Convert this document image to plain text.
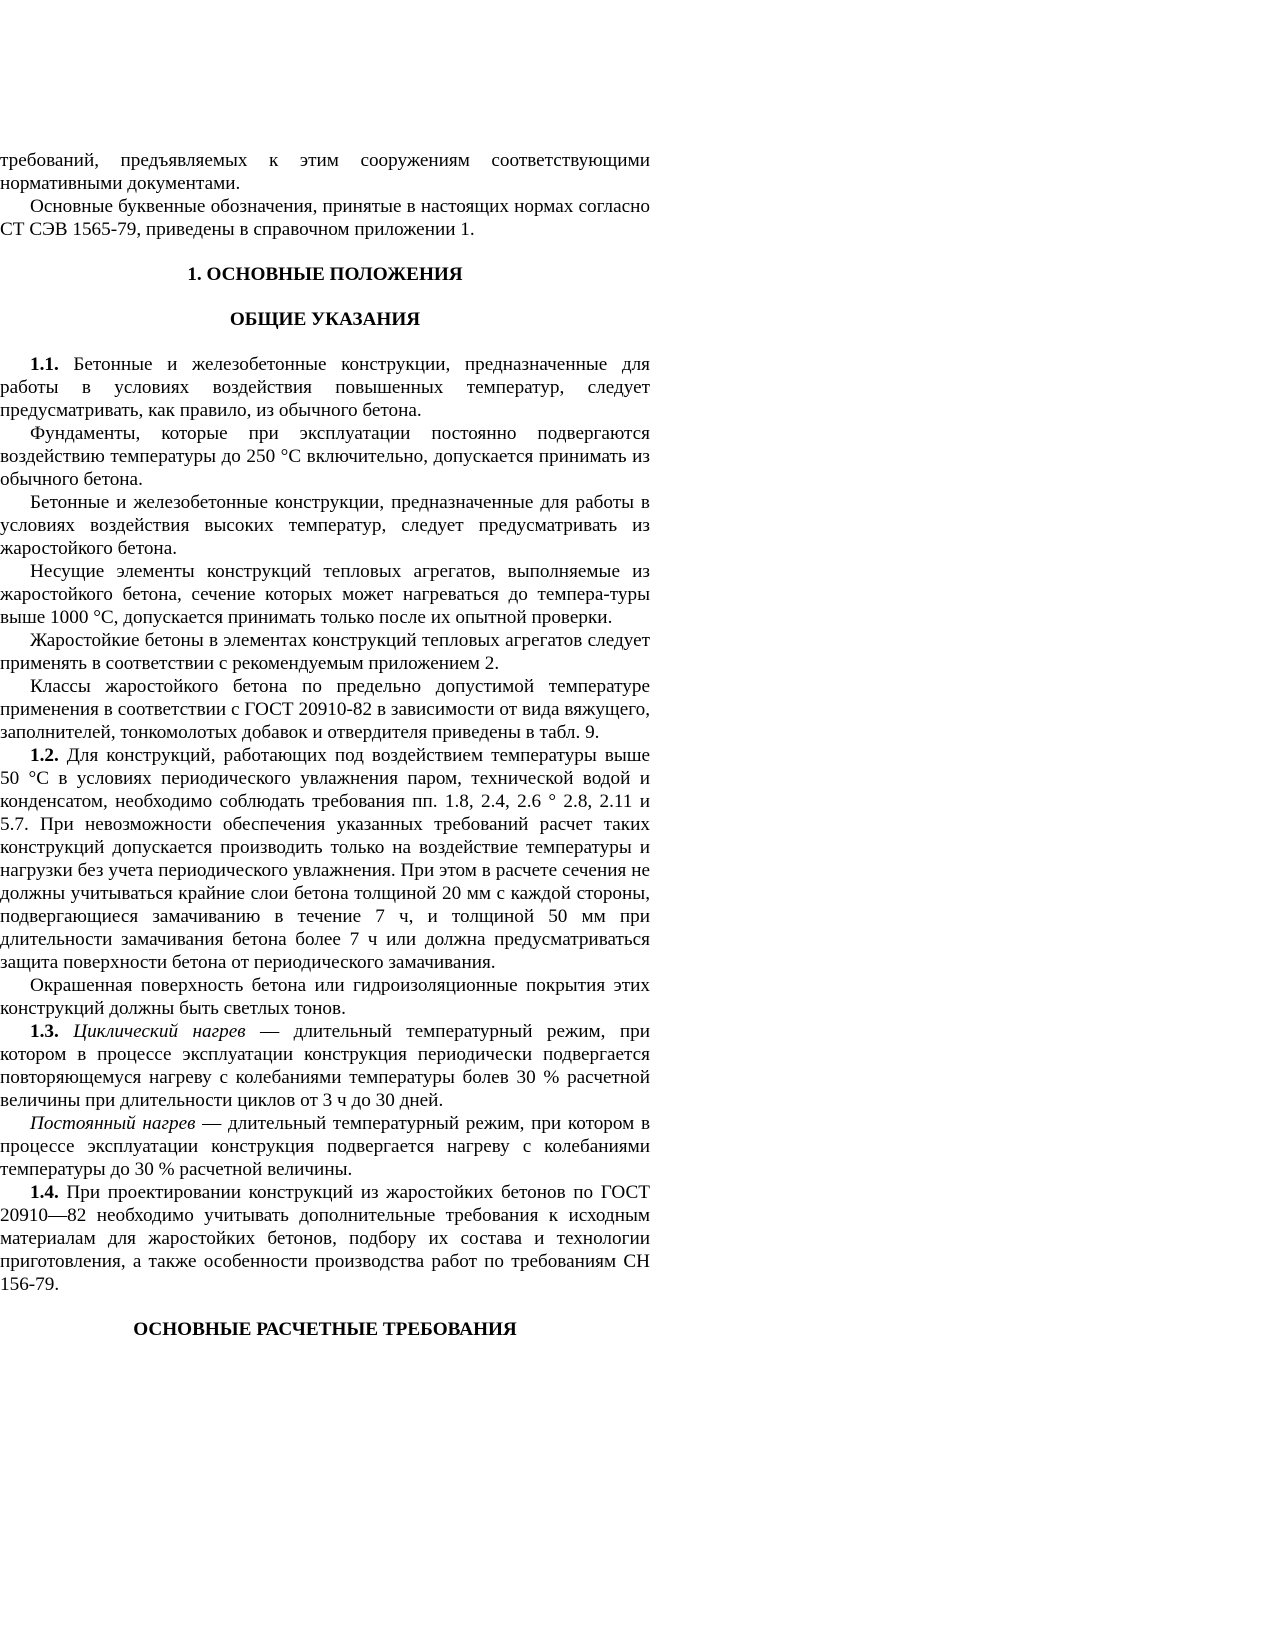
требований, предъявляемых к этим сооружениям соответствующими нормативными документами.

Основные буквенные обозначения, принятые в настоящих нормах согласно СТ СЭВ 1565-79, приведены в справочном приложении 1.

1. ОСНОВНЫЕ ПОЛОЖЕНИЯ

ОБЩИЕ УКАЗАНИЯ

1.1. Бетонные и железобетонные конструкции, предназначенные для работы в условиях воздействия повышенных температур, следует предусматривать, как правило, из обычного бетона.

Фундаменты, которые при эксплуатации постоянно подвергаются воздействию температуры до 250 °С включительно, допускается принимать из обычного бетона.

Бетонные и железобетонные конструкции, предназначенные для работы в условиях воздействия высоких температур, следует предусматривать из жаростойкого бетона.

Несущие элементы конструкций тепловых агрегатов, выполняемые из жаростойкого бетона, сечение которых может нагреваться до темпера-туры выше 1000 °С, допускается принимать только после их опытной проверки.

Жаростойкие бетоны в элементах конструкций тепловых агрегатов следует применять в соответствии с рекомендуемым приложением 2.

Классы жаростойкого бетона по предельно допустимой температуре применения в соответствии с ГОСТ 20910-82 в зависимости от вида вяжущего, заполнителей, тонкомолотых добавок и отвердителя приведены в табл. 9.

1.2. Для конструкций, работающих под воздействием температуры выше 50 °С в условиях периодического увлажнения паром, технической водой и конденсатом, необходимо соблюдать требования пп. 1.8, 2.4, 2.6 ° 2.8, 2.11 и 5.7. При невозможности обеспечения указанных требований расчет таких конструкций допускается производить только на воздействие температуры и нагрузки без учета периодического увлажнения. При этом в расчете сечения не должны учитываться крайние слои бетона толщиной 20 мм с каждой стороны, подвергающиеся замачиванию в течение 7 ч, и толщиной 50 мм при длительности замачивания бетона более 7 ч или должна предусматриваться защита поверхности бетона от периодического замачивания.

Окрашенная поверхность бетона или гидроизоляционные покрытия этих конструкций должны быть светлых тонов.

1.3. Циклический нагрев — длительный температурный режим, при котором в процессе эксплуатации конструкция периодически подвергается повторяющемуся нагреву с колебаниями температуры болев 30 % расчетной величины при длительности циклов от 3 ч до 30 дней.

Постоянный нагрев — длительный температурный режим, при котором в процессе эксплуатации конструкция подвергается нагреву с колебаниями температуры до 30 % расчетной величины.

1.4. При проектировании конструкций из жаростойких бетонов по ГОСТ 20910—82 необходимо учитывать дополнительные требования к исходным материалам для жаростойких бетонов, подбору их состава и технологии приготовления, а также особенности производства работ по требованиям СН 156-79.

ОСНОВНЫЕ РАСЧЕТНЫЕ ТРЕБОВАНИЯ
